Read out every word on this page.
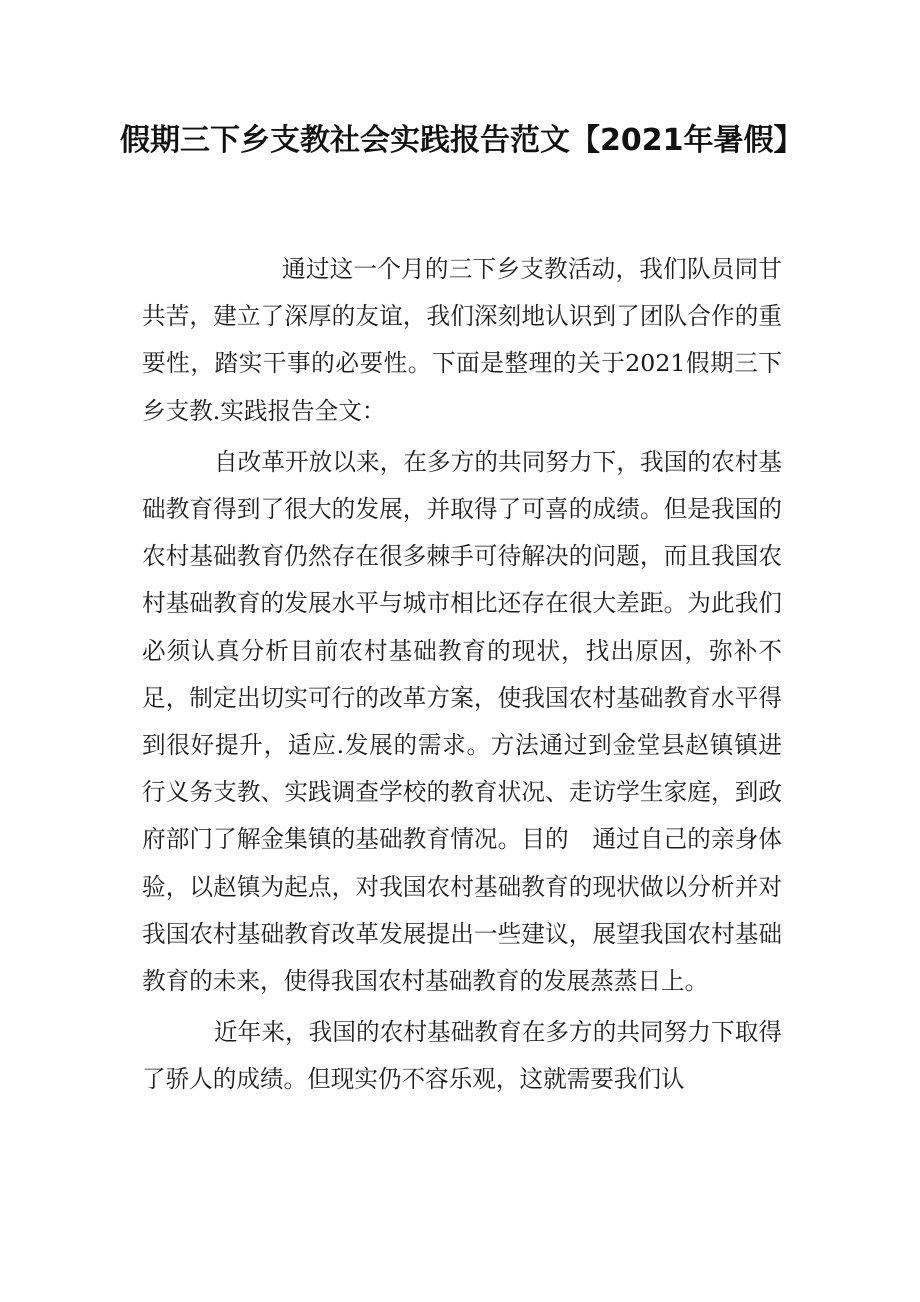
假期三下乡支教社会实践报告范文【2021年暑假】

通过这一个月的三下乡支教活动，我们队员同甘共苦，建立了深厚的友谊，我们深刻地认识到了团队合作的重要性，踏实干事的必要性。下面是整理的关于2021假期三下乡支教.实践报告全文：

自改革开放以来，在多方的共同努力下，我国的农村基础教育得到了很大的发展，并取得了可喜的成绩。但是我国的农村基础教育仍然存在很多棘手可待解决的问题，而且我国农村基础教育的发展水平与城市相比还存在很大差距。为此我们必须认真分析目前农村基础教育的现状，找出原因，弥补不足，制定出切实可行的改革方案，使我国农村基础教育水平得到很好提升，适应.发展的需求。方法通过到金堂县赵镇镇进行义务支教、实践调查学校的教育状况、走访学生家庭，到政府部门了解金集镇的基础教育情况。目的　通过自己的亲身体验，以赵镇为起点，对我国农村基础教育的现状做以分析并对我国农村基础教育改革发展提出一些建议，展望我国农村基础教育的未来，使得我国农村基础教育的发展蒸蒸日上。

近年来，我国的农村基础教育在多方的共同努力下取得了骄人的成绩。但现实仍不容乐观，这就需要我们认
